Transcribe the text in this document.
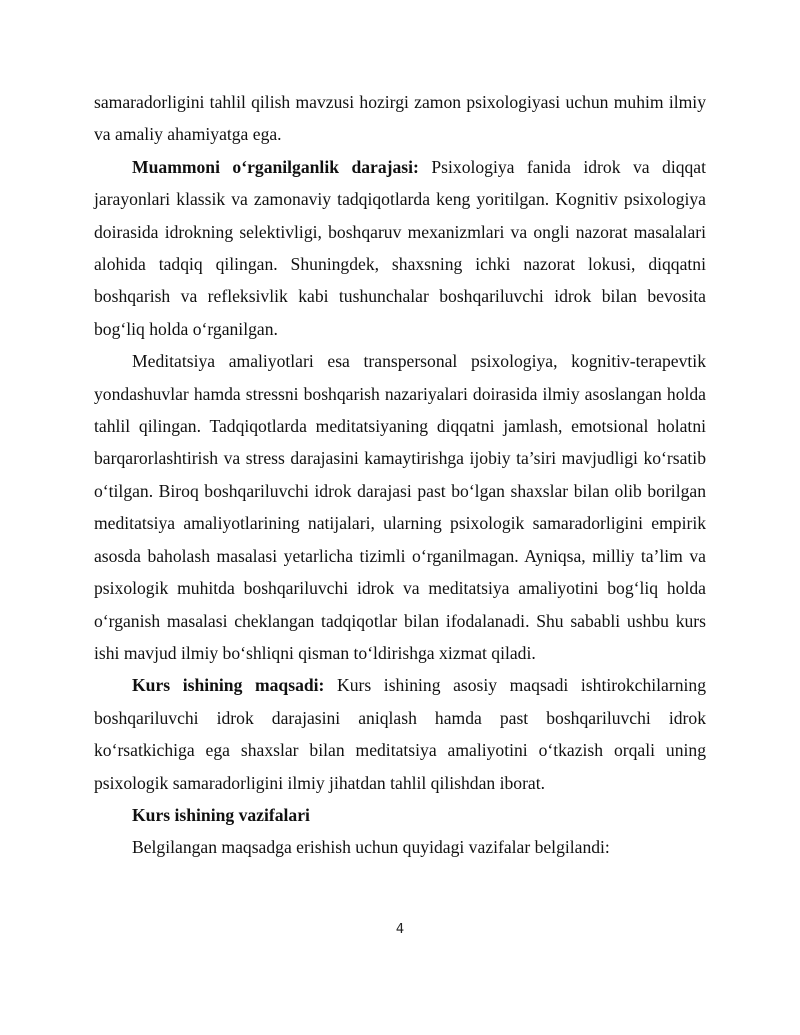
samaradorligini tahlil qilish mavzusi hozirgi zamon psixologiyasi uchun muhim ilmiy va amaliy ahamiyatga ega.

Muammoni o‘rganilganlik darajasi: Psixologiya fanida idrok va diqqat jarayonlari klassik va zamonaviy tadqiqotlarda keng yoritilgan. Kognitiv psixologiya doirasida idrokning selektivligi, boshqaruv mexanizmlari va ongli nazorat masalalari alohida tadqiq qilingan. Shuningdek, shaxsning ichki nazorat lokusi, diqqatni boshqarish va refleksivlik kabi tushunchalar boshqariluvchi idrok bilan bevosita bog‘liq holda o‘rganilgan.

Meditatsiya amaliyotlari esa transpersonal psixologiya, kognitiv-terapevtik yondashuvlar hamda stressni boshqarish nazariyalari doirasida ilmiy asoslangan holda tahlil qilingan. Tadqiqotlarda meditatsiyaning diqqatni jamlash, emotsional holatni barqarorlashtirish va stress darajasini kamaytirishga ijobiy ta’siri mavjudligi ko‘rsatib o‘tilgan. Biroq boshqariluvchi idrok darajasi past bo‘lgan shaxslar bilan olib borilgan meditatsiya amaliyotlarining natijalari, ularning psixologik samaradorligini empirik asosda baholash masalasi yetarlicha tizimli o‘rganilmagan. Ayniqsa, milliy ta’lim va psixologik muhitda boshqariluvchi idrok va meditatsiya amaliyotini bog‘liq holda o‘rganish masalasi cheklangan tadqiqotlar bilan ifodalanadi. Shu sababli ushbu kurs ishi mavjud ilmiy bo‘shliqni qisman to‘ldirishga xizmat qiladi.

Kurs ishining maqsadi: Kurs ishining asosiy maqsadi ishtirokchilarning boshqariluvchi idrok darajasini aniqlash hamda past boshqariluvchi idrok ko‘rsatkichiga ega shaxslar bilan meditatsiya amaliyotini o‘tkazish orqali uning psixologik samaradorligini ilmiy jihatdan tahlil qilishdan iborat.

Kurs ishining vazifalari

Belgilangan maqsadga erishish uchun quyidagi vazifalar belgilandi:

4
